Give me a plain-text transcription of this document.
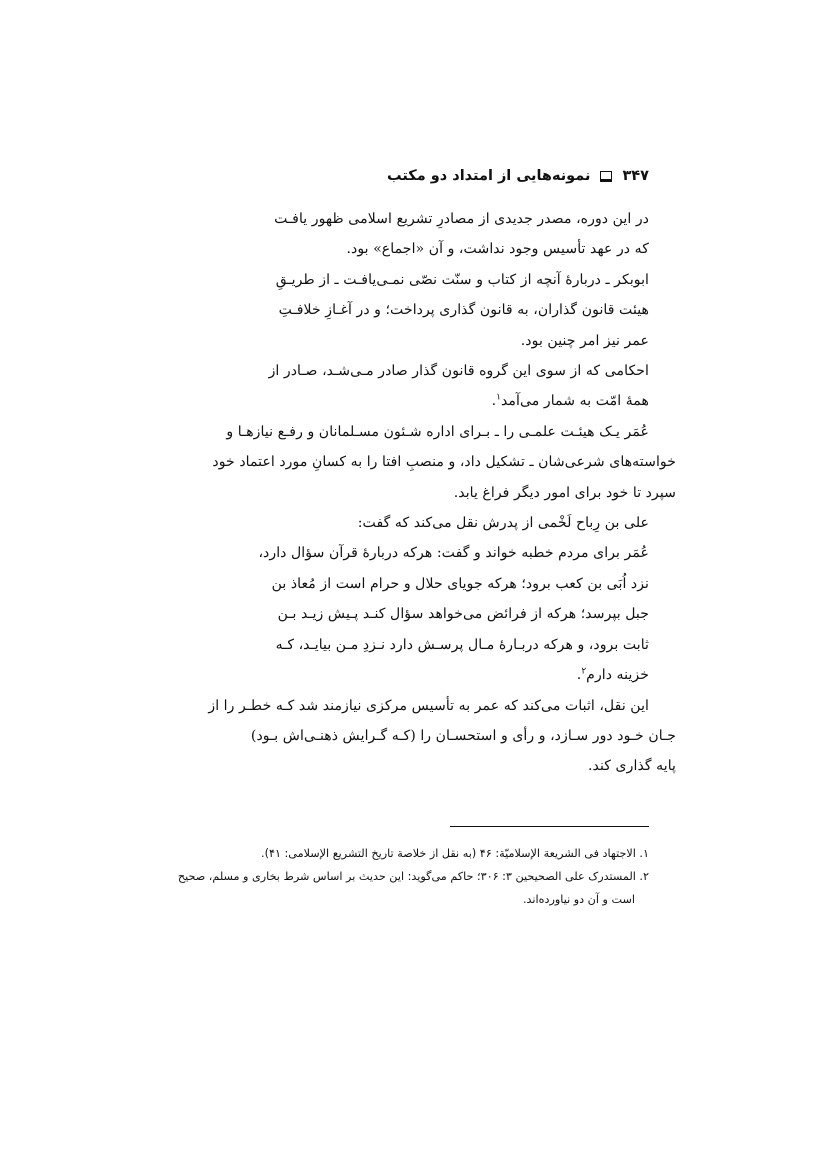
نمونه‌هایی از امتداد دو مکتب ۳۴۷

در این دوره، مصدر جدیدی از مصادرِ تشریع اسلامی ظهور یافـت

که در عهد تأسیس وجود نداشت، و آن «اجماع» بود.

ابوبکر ـ دربارۀ آنچه از کتاب و سنّت نصّی نمـی‌یافـت ـ از طریـقِ

هیئت قانون گذاران، به قانون گذاری پرداخت؛ و در آغـازِ خلافـتِ

عمر نیز امر چنین بود.

احکامی که از سوی این گروه قانون گذار صادر مـی‌شـد، صـادر از

همۀ امّت به شمار می‌آمد$^۱$.

عُمَر یـک هیئـت علمـی را ـ بـرای اداره شـئون مسـلمانان و رفـع نیازهـا و

خواسته‌های شرعی‌شان ـ تشکیل داد، و منصبِ افتا را به کسانِ مورد اعتماد خود

سپرد تا خود برای امور دیگر فراغ یابد.

علی بن رِباح لَخْمی از پدرش نقل می‌کند که گفت:

عُمَر برای مردم خطبه خواند و گفت: هرکه دربارۀ قرآن سؤال دارد،

نزد اُبَی بن کعب برود؛ هرکه جویای حلال و حرام است از مُعاذ بن

جبل بپرسد؛ هرکه از فرائض می‌خواهد سؤال کنـد پـیش زیـد بـن

ثابت برود، و هرکه دربـارۀ مـال پرسـش دارد نـزدِ مـن بیایـد، کـه

خزینه دارم$^۲$.

این نقل، اثبات می‌کند که عمر به تأسیس مرکزی نیازمند شد کـه خطـر را از

جـان خـود دور سـازد، و رأی و استحسـان را (کـه گـرایش ذهنـی‌اش بـود)

پایه گذاری کند.

۱. الاجتهاد فی الشریعة الإسلامیّة: ۴۶ (به نقل از خلاصة تاریخ التشریع الإسلامی: ۴۱).

۲. المستدرک علی الصحیحین ۳: ۳۰۶؛ حاکم می‌گوید: این حدیث بر اساس شرط بخاری و مسلم، صحیح

است و آن دو نیاورده‌اند.
